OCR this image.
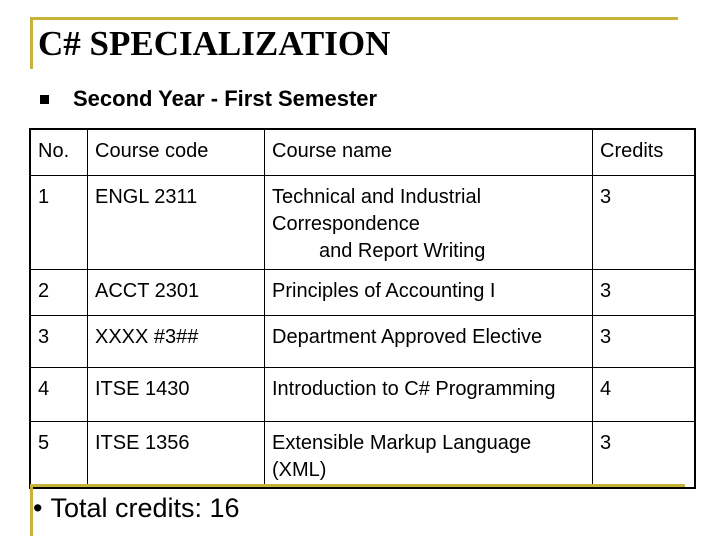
C# SPECIALIZATION
Second Year - First Semester
No.	Course code	Course name	Credits
1	ENGL 2311	Technical and Industrial
Correspondence
and Report Writing	3
2	ACCT 2301	Principles of Accounting I	3
3	XXXX #3##	Department Approved Elective	3
4	ITSE 1430	Introduction to C# Programming	4
5	ITSE 1356	Extensible Markup Language
(XML)	3
• Total credits: 16
